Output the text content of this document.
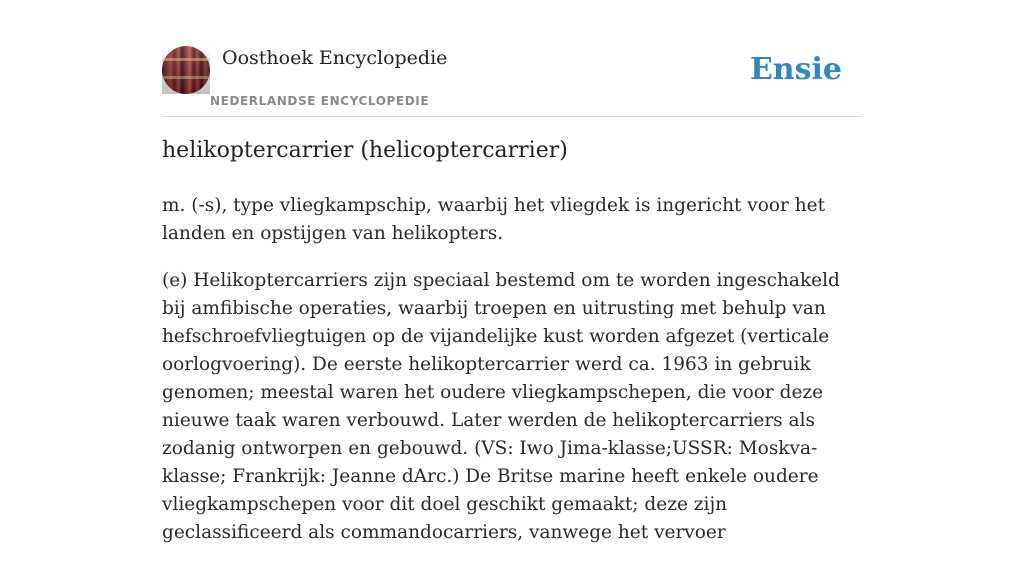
Oosthoek Encyclopedie
NEDERLANDSE ENCYCLOPEDIE
Ensie
helikoptercarrier (helicoptercarrier)

m. (-s), type vliegkampschip, waarbij het vliegdek is ingericht voor het landen en opstijgen van helikopters.

(e) Helikoptercarriers zijn speciaal bestemd om te worden ingeschakeld bij amfibische operaties, waarbij troepen en uitrusting met behulp van hefschroefvliegtuigen op de vijandelijke kust worden afgezet (verticale oorlogvoering). De eerste helikoptercarrier werd ca. 1963 in gebruik genomen; meestal waren het oudere vliegkampschepen, die voor deze nieuwe taak waren verbouwd. Later werden de helikoptercarriers als zodanig ontworpen en gebouwd. (VS: Iwo Jima-klasse;USSR: Moskva-klasse; Frankrijk: Jeanne dArc.) De Britse marine heeft enkele oudere vliegkampschepen voor dit doel geschikt gemaakt; deze zijn geclassificeerd als commandocarriers, vanwege het vervoer
